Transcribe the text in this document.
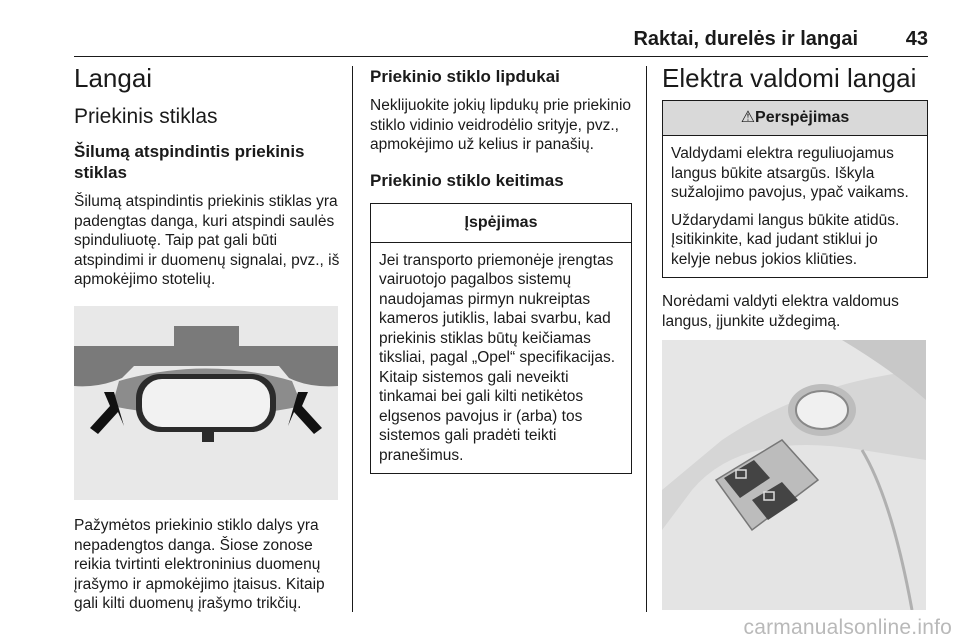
Raktai, durelės ir langai 43
Langai
Priekinis stiklas
Šilumą atspindintis priekinis stiklas

Šilumą atspindintis priekinis stiklas yra padengtas danga, kuri atspindi saulės spinduliuotę. Taip pat gali būti atspindimi ir duomenų signalai, pvz., iš apmokėjimo stotelių.

Pažymėtos priekinio stiklo dalys yra nepadengtos danga. Šiose zonose reikia tvirtinti elektroninius duomenų įrašymo ir apmokėjimo įtaisus. Kitaip gali kilti duomenų įrašymo trikčių.

Priekinio stiklo lipdukai

Neklijuokite jokių lipdukų prie priekinio stiklo vidinio veidrodėlio srityje, pvz., apmokėjimo už kelius ir panašių.

Priekinio stiklo keitimas
Įspėjimas

Jei transporto priemonėje įrengtas vairuotojo pagalbos sistemų naudojamas pirmyn nukreiptas kameros jutiklis, labai svarbu, kad priekinis stiklas būtų keičiamas tiksliai, pagal „Opel“ specifikacijas. Kitaip sistemos gali neveikti tinkamai bei gali kilti netikėtos elgsenos pavojus ir (arba) tos sistemos gali pradėti teikti pranešimus.

Elektra valdomi langai
⚠Perspėjimas

Valdydami elektra reguliuojamus langus būkite atsargūs. Iškyla sužalojimo pavojus, ypač vaikams.

Uždarydami langus būkite atidūs. Įsitikinkite, kad judant stiklui jo kelyje nebus jokios kliūties.

Norėdami valdyti elektra valdomus langus, įjunkite uždegimą.

carmanualsonline.info
